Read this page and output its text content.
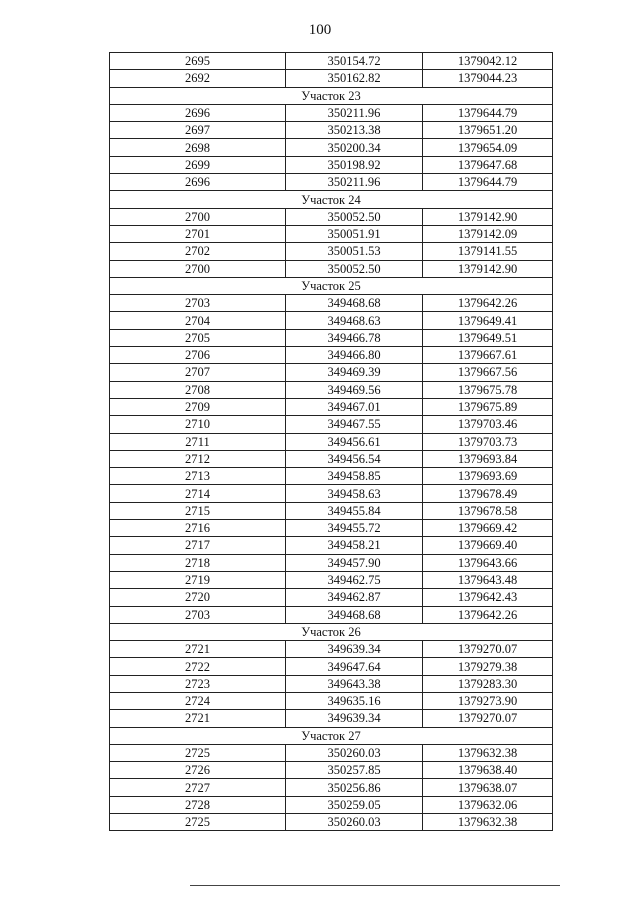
100
2695	350154.72	1379042.12
2692	350162.82	1379044.23
Участок 23		
2696	350211.96	1379644.79
2697	350213.38	1379651.20
2698	350200.34	1379654.09
2699	350198.92	1379647.68
2696	350211.96	1379644.79
Участок 24		
2700	350052.50	1379142.90
2701	350051.91	1379142.09
2702	350051.53	1379141.55
2700	350052.50	1379142.90
Участок 25		
2703	349468.68	1379642.26
2704	349468.63	1379649.41
2705	349466.78	1379649.51
2706	349466.80	1379667.61
2707	349469.39	1379667.56
2708	349469.56	1379675.78
2709	349467.01	1379675.89
2710	349467.55	1379703.46
2711	349456.61	1379703.73
2712	349456.54	1379693.84
2713	349458.85	1379693.69
2714	349458.63	1379678.49
2715	349455.84	1379678.58
2716	349455.72	1379669.42
2717	349458.21	1379669.40
2718	349457.90	1379643.66
2719	349462.75	1379643.48
2720	349462.87	1379642.43
2703	349468.68	1379642.26
Участок 26		
2721	349639.34	1379270.07
2722	349647.64	1379279.38
2723	349643.38	1379283.30
2724	349635.16	1379273.90
2721	349639.34	1379270.07
Участок 27		
2725	350260.03	1379632.38
2726	350257.85	1379638.40
2727	350256.86	1379638.07
2728	350259.05	1379632.06
2725	350260.03	1379632.38
